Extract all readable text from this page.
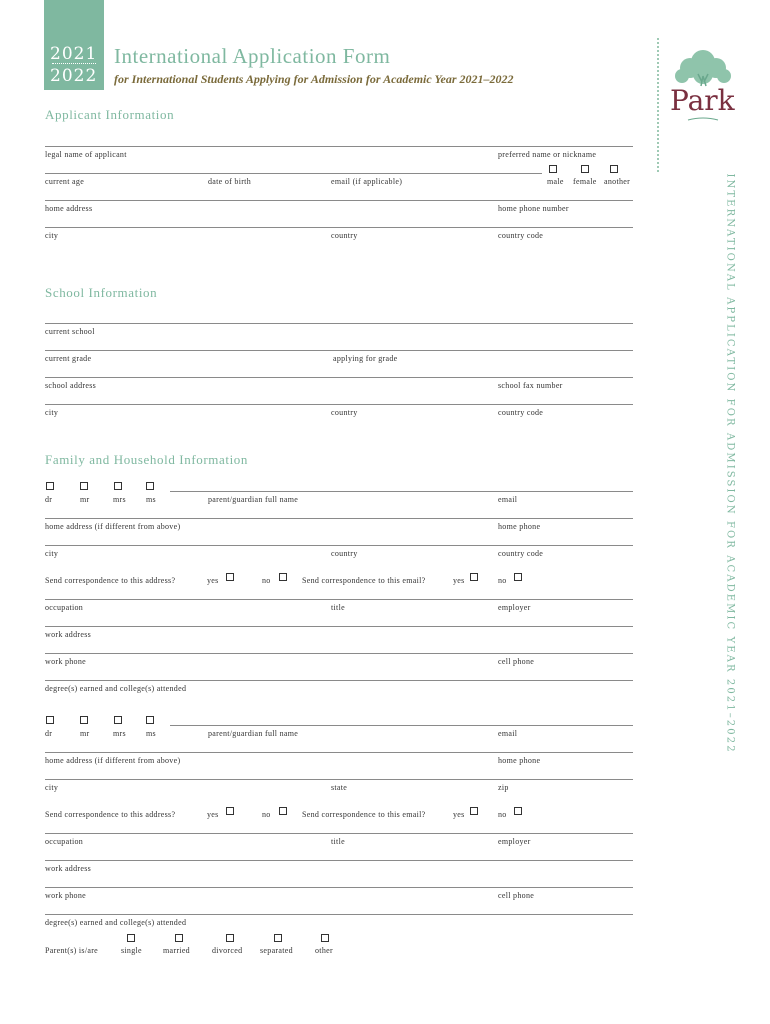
2021
2022
International Application Form
for International Students Applying for Admission for Academic Year 2021–2022
Park
INTERNATIONAL APPLICATION FOR ADMISSION FOR ACADEMIC YEAR 2021–2022
Applicant Information
legal name of applicant	preferred name or nickname
current age	date of birth	email (if applicable)	male female another
home address	home phone number
city	country	country code
School Information
current school
current grade	applying for grade
school address	school fax number
city	country	country code
Family and Household Information
dr	mr	mrs	ms	parent/guardian full name	email
home address (if different from above)	home phone
city	country	country code
Send correspondence to this address?	yes	no	Send correspondence to this email?	yes	no
occupation	title	employer
work address
work phone	cell phone
degree(s) earned and college(s) attended
dr	mr	mrs	ms	parent/guardian full name	email
home address (if different from above)	home phone
city	state	zip
Send correspondence to this address?	yes	no	Send correspondence to this email?	yes	no
occupation	title	employer
work address
work phone	cell phone
degree(s) earned and college(s) attended
Parent(s) is/are	single	married	divorced separated	other
